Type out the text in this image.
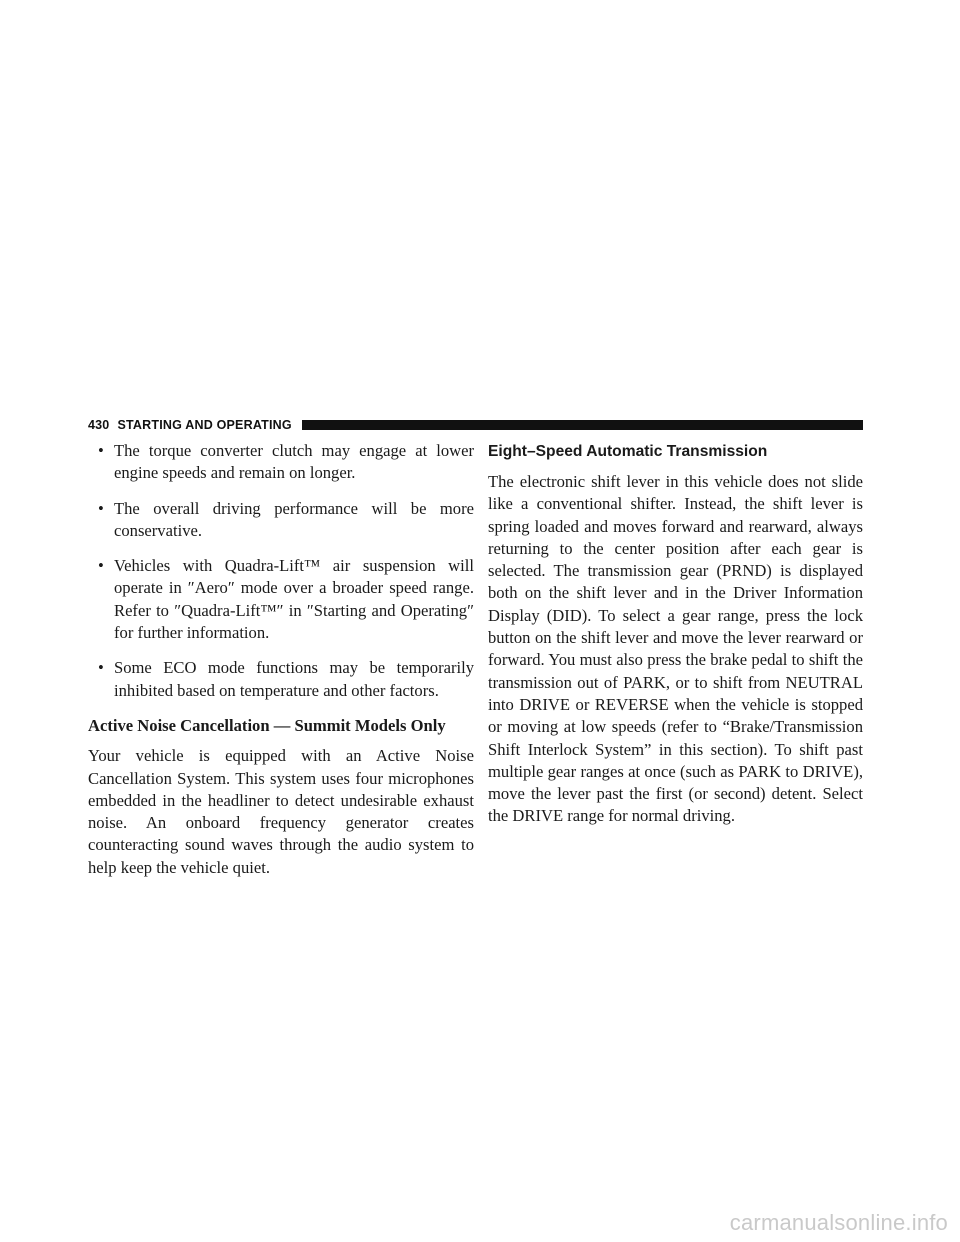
430 STARTING AND OPERATING
• The torque converter clutch may engage at lower engine speeds and remain on longer.
• The overall driving performance will be more conservative.
• Vehicles with Quadra-Lift™ air suspension will operate in ″Aero″ mode over a broader speed range. Refer to ″Quadra-Lift™″ in ″Starting and Operating″ for further information.
• Some ECO mode functions may be temporarily inhibited based on temperature and other factors.
Active Noise Cancellation — Summit Models Only

Your vehicle is equipped with an Active Noise Cancellation System. This system uses four microphones embedded in the headliner to detect undesirable exhaust noise. An onboard frequency generator creates counteracting sound waves through the audio system to help keep the vehicle quiet.

Eight–Speed Automatic Transmission

The electronic shift lever in this vehicle does not slide like a conventional shifter. Instead, the shift lever is spring loaded and moves forward and rearward, always returning to the center position after each gear is selected. The transmission gear (PRND) is displayed both on the shift lever and in the Driver Information Display (DID). To select a gear range, press the lock button on the shift lever and move the lever rearward or forward. You must also press the brake pedal to shift the transmission out of PARK, or to shift from NEUTRAL into DRIVE or REVERSE when the vehicle is stopped or moving at low speeds (refer to “Brake/Transmission Shift Interlock System” in this section). To shift past multiple gear ranges at once (such as PARK to DRIVE), move the lever past the first (or second) detent. Select the DRIVE range for normal driving.

carmanualsonline.info
